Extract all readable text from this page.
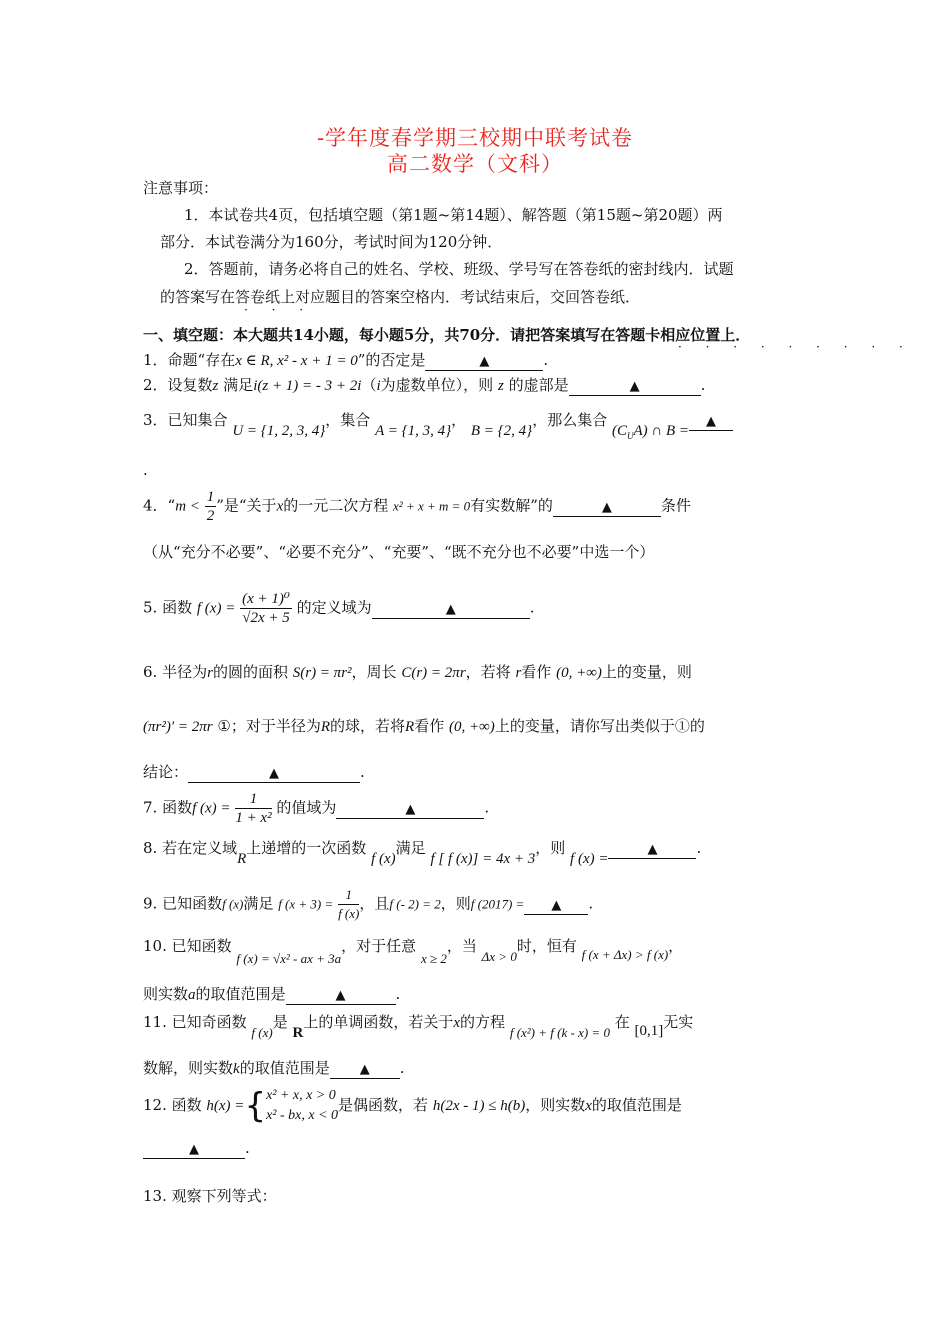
-学年度春学期三校期中联考试卷
高二数学（文科）
注意事项：
1．本试卷共4页，包括填空题（第1题~第14题）、解答题（第15题~第20题）两
部分．本试卷满分为160分，考试时间为120分钟．
2．答题前，请务必将自己的姓名、学校、班级、学号写在答卷纸的密封线内．试题
的答案写在答卷纸上对应题目的答案空格内．考试结束后，交回答卷纸．
· · ·
一、填空题：本大题共14小题，每小题5分，共70分．请把答案填写在答题卡相应位置上．
· · · · · · · · ·
1．命题“存在x ∈ R, x² - x + 1 = 0”的否定是	▲	.
2．设复数z 满足i(z + 1) = - 3 + 2i（i为虚数单位），则 z 的虚部是	▲	.
3．已知集合 U = {1, 2, 3, 4}，集合 A = {1, 3, 4}， B = {2, 4}，那么集合 $(C_UA)$ ∩ B =▲
.
4．“$m < \frac{1}{2}$ ”是“关于x的一元二次方程 x² + x + m = 0有实数解”的	▲	条件
（从“充分不必要”、“必要不充分”、“充要”、“既不充分也不必要”中选一个）
5. 函数 f $(x) = \frac{\text{(x + 1)⁰}}{√2x + 5}$ 的定义域为	▲	.
6. 半径为r的圆的面积 S(r) = πr²，周长 C(r) = 2πr，若将 r看作 (0, +∞)上的变量，则
(πr²)′ = 2πr ①；对于半径为R的球，若将R看作 (0, +∞)上的变量，请你写出类似于①的
结论：	▲	.
7. 函数f $(x) = \frac{1}{\text{1 + x²}}$ 的值域为	▲	.
8. 若在定义域R上递增的一次函数 f (x)满足 f [ f (x)] = 4x + 3，则 f (x) =▲	.
9. 已知函数f (x)满足 f $(x + 3) = \frac{1}{f (x)}$ ，且f (- 2) = 2，则f (2017) = ▲ .
10. 已知函数 f (x) = √x² - ax + 3a，对于任意 x ≥ 2，当 Δx > 0时，恒有 f (x + Δx) > f (x)，
则实数a的取值范围是	▲	.
11. 已知奇函数 f (x)是 R上的单调函数，若关于x的方程 f (x²) + f (k - x) = 0 在 [0,1]无实
数解，则实数k的取值范围是 ▲ .
12. 函数 h(x) ={ x² + x, x > 0
x² - bx, x < 0
是偶函数，若 h(2x - 1) ≤ h(b)，则实数x的取值范围是
▲	.
13. 观察下列等式：
